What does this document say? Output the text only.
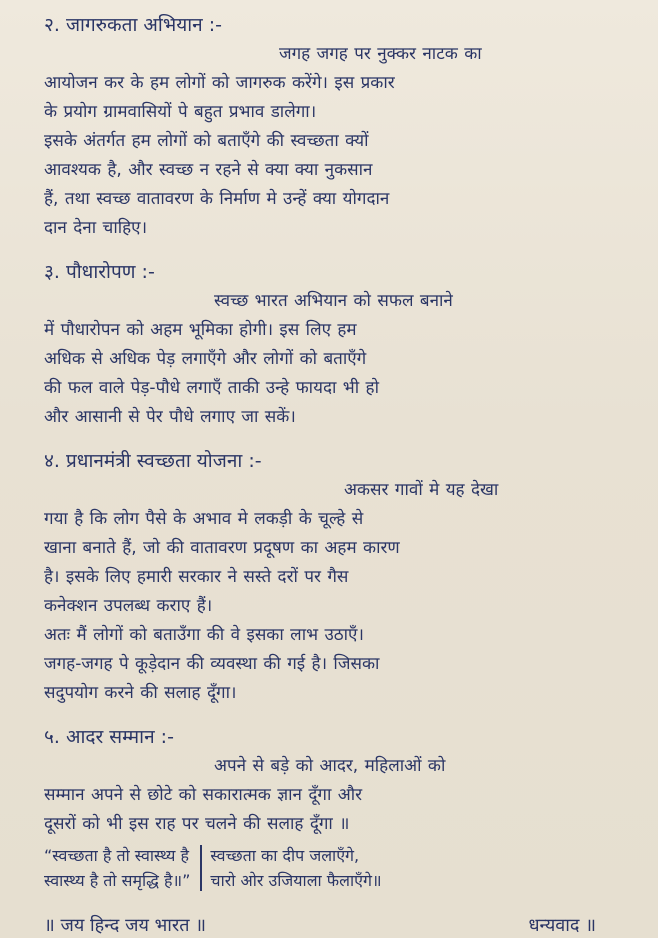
२. जागरुकता अभियान :-
जगह जगह पर नुक्कर नाटक का
आयोजन कर के हम लोगों को जागरुक करेंगे। इस प्रकार
के प्रयोग ग्रामवासियों पे बहुत प्रभाव डालेगा।
इसके अंतर्गत हम लोगों को बताएँगे की स्वच्छता क्यों
आवश्यक है, और स्वच्छ न रहने से क्या क्या नुकसान
हैं, तथा स्वच्छ वातावरण के निर्माण मे उन्हें क्या योगदान
दान देना चाहिए।
३. पौधारोपण :-
स्वच्छ भारत अभियान को सफल बनाने
में पौधारोपन को अहम भूमिका होगी। इस लिए हम
अधिक से अधिक पेड़ लगाएँगे और लोगों को बताएँगे
की फल वाले पेड़-पौधे लगाएँ ताकी उन्हे फायदा भी हो
और आसानी से पेर पौधे लगाए जा सकें।
४. प्रधानमंत्री स्वच्छता योजना :-
अकसर गावों मे यह देखा
गया है कि लोग पैसे के अभाव मे लकड़ी के चूल्हे से
खाना बनाते हैं, जो की वातावरण प्रदूषण का अहम कारण
है। इसके लिए हमारी सरकार ने सस्ते दरों पर गैस
कनेक्शन उपलब्ध कराए हैं।
अतः मैं लोगों को बताउँगा की वे इसका लाभ उठाएँ।
जगह-जगह पे कूड़ेदान की व्यवस्था की गई है। जिसका
सदुपयोग करने की सलाह दूँगा।
५. आदर सम्मान :-
अपने से बड़े को आदर, महिलाओं को
सम्मान अपने से छोटे को सकारात्मक ज्ञान दूँगा और
दूसरों को भी इस राह पर चलने की सलाह दूँगा ॥
“स्वच्छता है तो स्वास्थ्य है
स्वास्थ्य है तो समृद्धि है॥”
स्वच्छता का दीप जलाएँगे,
चारो ओर उजियाला फैलाएँगे॥
॥ जय हिन्द जय भारत ॥	धन्यवाद ॥
